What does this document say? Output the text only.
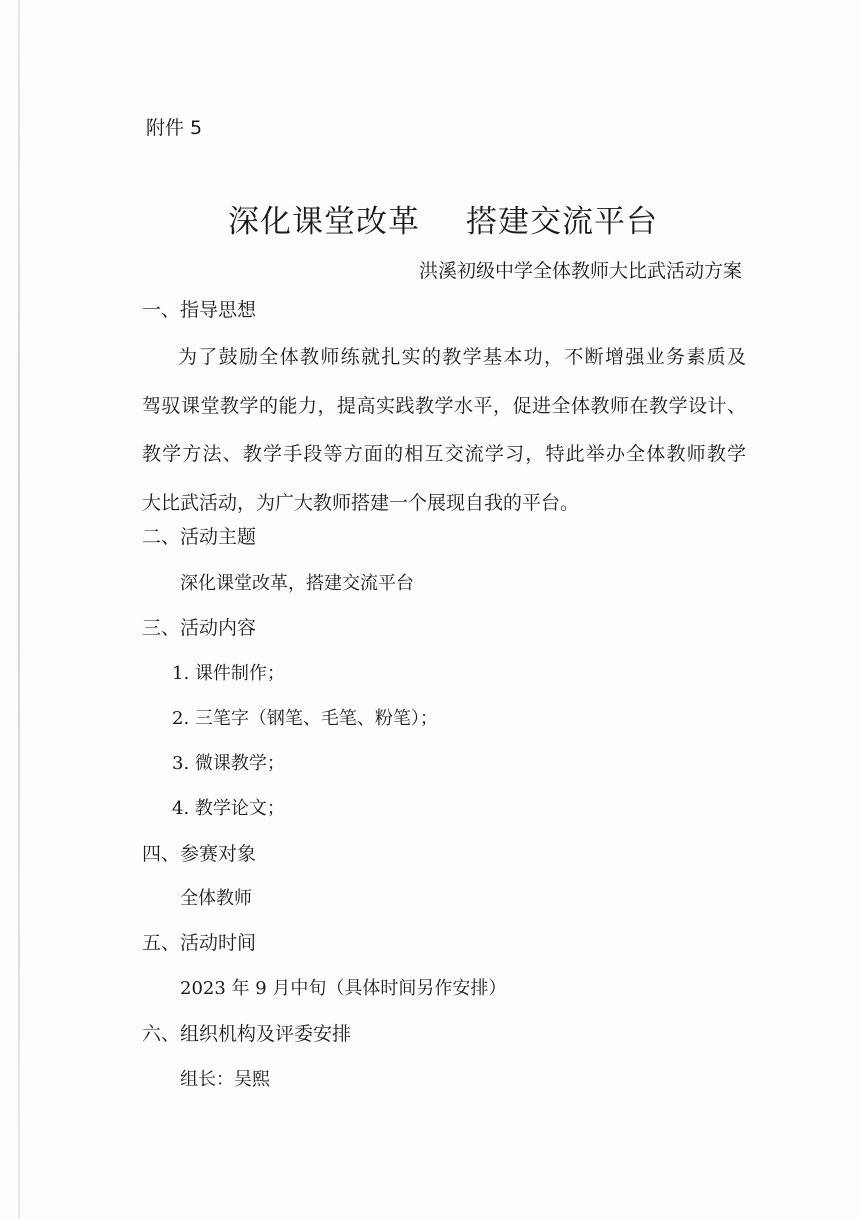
附件 5
深化课堂改革 搭建交流平台
洪溪初级中学全体教师大比武活动方案
一、指导思想
为了鼓励全体教师练就扎实的教学基本功，不断增强业务素质及
驾驭课堂教学的能力，提高实践教学水平，促进全体教师在教学设计、
教学方法、教学手段等方面的相互交流学习，特此举办全体教师教学
大比武活动，为广大教师搭建一个展现自我的平台。
二、活动主题
深化课堂改革，搭建交流平台
三、活动内容
1. 课件制作；
2. 三笔字（钢笔、毛笔、粉笔）；
3. 微课教学；
4. 教学论文；
四、参赛对象
全体教师
五、活动时间
2023 年 9 月中旬（具体时间另作安排）
六、组织机构及评委安排
组长：吴熙
